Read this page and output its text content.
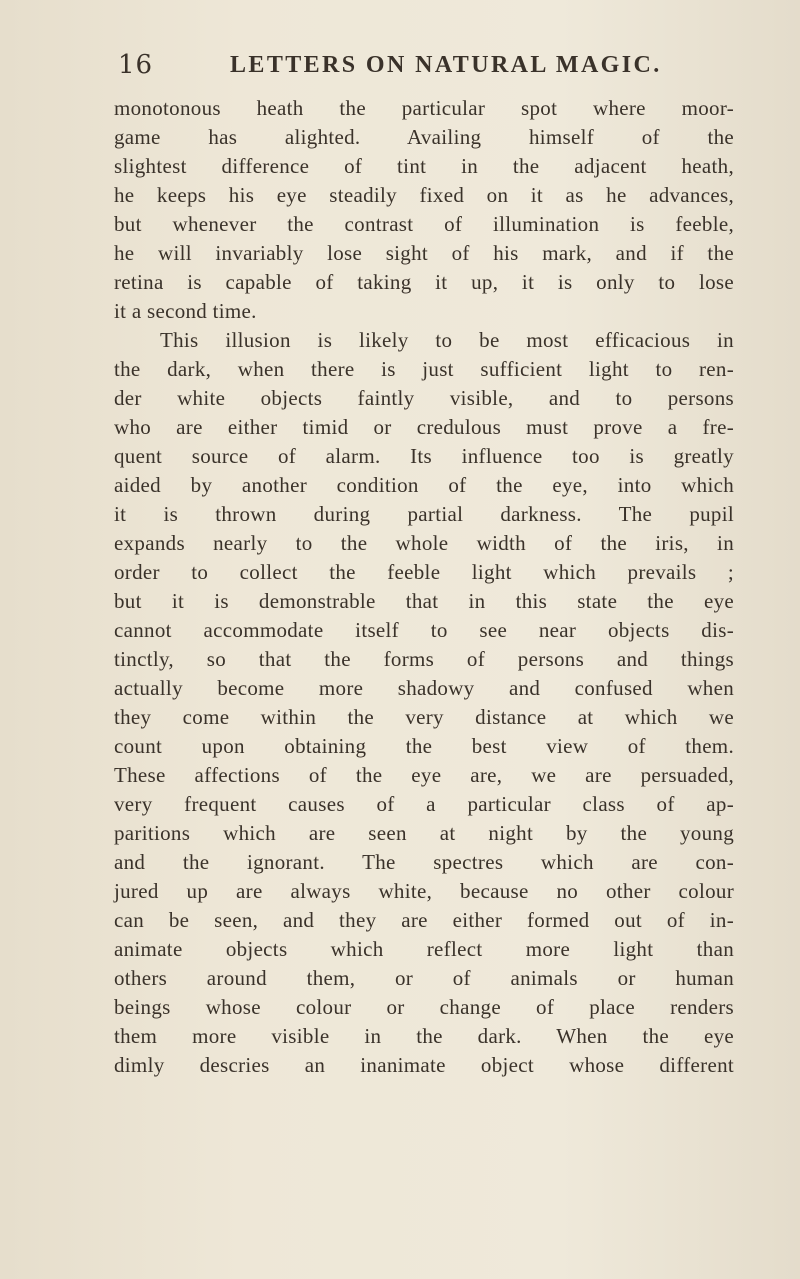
16	LETTERS ON NATURAL MAGIC.
monotonous heath the particular spot where moor-
game has alighted. Availing himself of the
slightest difference of tint in the adjacent heath,
he keeps his eye steadily fixed on it as he advances,
but whenever the contrast of illumination is feeble,
he will invariably lose sight of his mark, and if the
retina is capable of taking it up, it is only to lose
it a second time.
This illusion is likely to be most efficacious in
the dark, when there is just sufficient light to ren-
der white objects faintly visible, and to persons
who are either timid or credulous must prove a fre-
quent source of alarm. Its influence too is greatly
aided by another condition of the eye, into which
it is thrown during partial darkness. The pupil
expands nearly to the whole width of the iris, in
order to collect the feeble light which prevails ;
but it is demonstrable that in this state the eye
cannot accommodate itself to see near objects dis-
tinctly, so that the forms of persons and things
actually become more shadowy and confused when
they come within the very distance at which we
count upon obtaining the best view of them.
These affections of the eye are, we are persuaded,
very frequent causes of a particular class of ap-
paritions which are seen at night by the young
and the ignorant. The spectres which are con-
jured up are always white, because no other colour
can be seen, and they are either formed out of in-
animate objects which reflect more light than
others around them, or of animals or human
beings whose colour or change of place renders
them more visible in the dark. When the eye
dimly descries an inanimate object whose different
